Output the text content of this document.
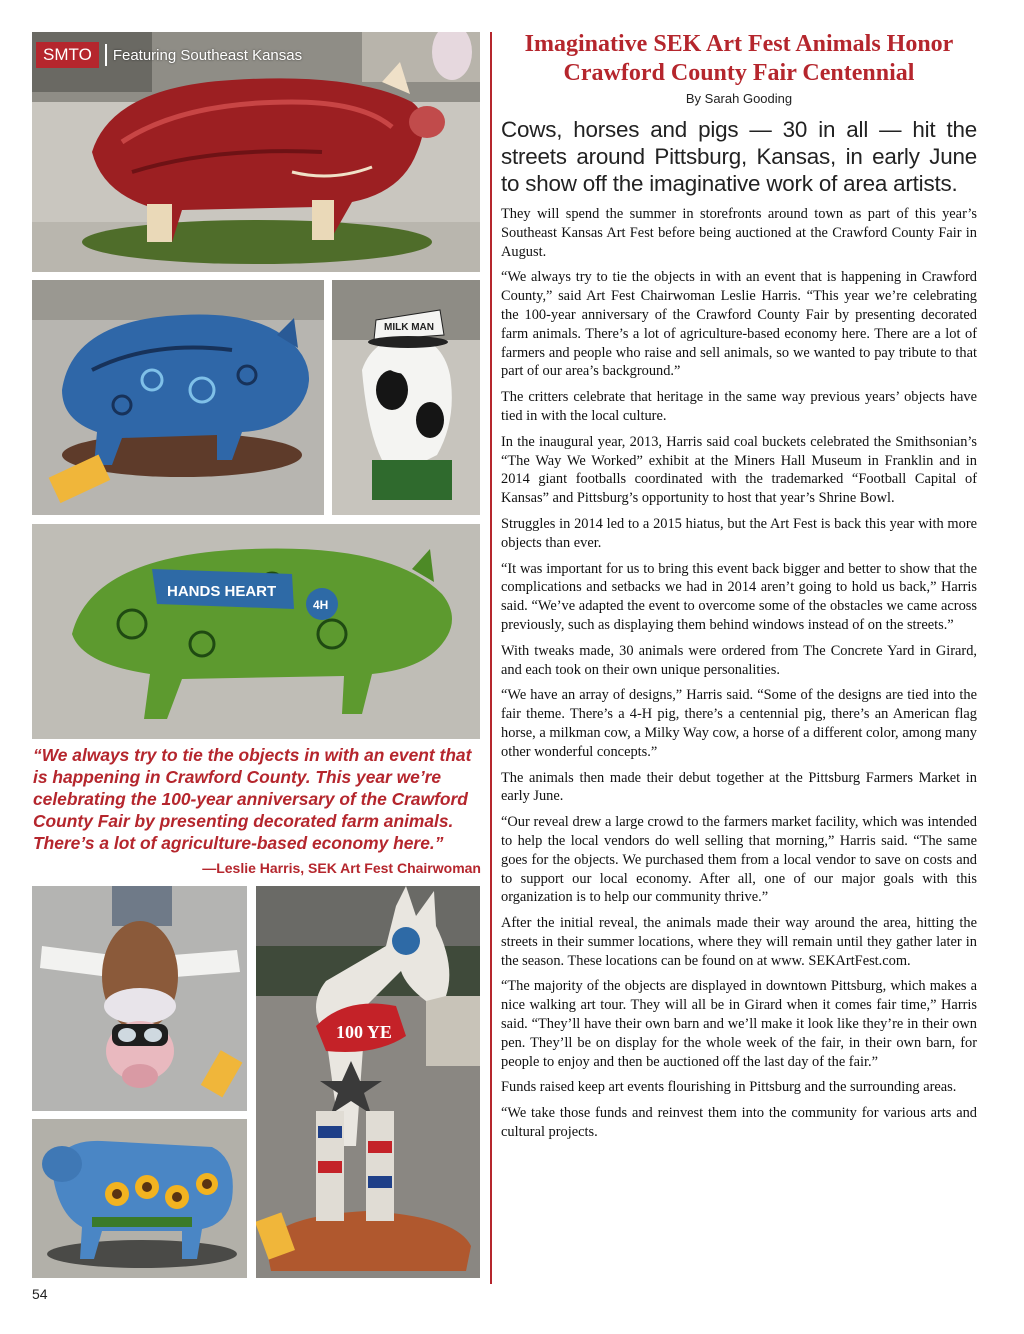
SMTO	Featuring Southeast Kansas
MILK MAN
HANDS HEART
4H

“We always try to tie the objects in with an event that is happening in Crawford County. This year we’re celebrating the 100-year anniversary of the Crawford County Fair by presenting decorated farm animals. There’s a lot of agriculture-based economy here.”

—Leslie Harris, SEK Art Fest Chairwoman
100 YE
Imaginative SEK Art Fest Animals Honor Crawford County Fair Centennial
By Sarah Gooding

Cows, horses and pigs — 30 in all — hit the streets around Pittsburg, Kansas, in early June to show off the imaginative work of area artists.

They will spend the summer in storefronts around town as part of this year’s Southeast Kansas Art Fest before being auctioned at the Crawford County Fair in August.

“We always try to tie the objects in with an event that is happening in Crawford County,” said Art Fest Chairwoman Leslie Harris. “This year we’re celebrating the 100-year anniversary of the Crawford County Fair by presenting decorated farm animals. There’s a lot of agriculture-based economy here. There are a lot of farmers and people who raise and sell animals, so we wanted to pay tribute to that part of our area’s background.”

The critters celebrate that heritage in the same way previous years’ objects have tied in with the local culture.

In the inaugural year, 2013, Harris said coal buckets celebrated the Smithsonian’s “The Way We Worked” exhibit at the Miners Hall Museum in Franklin and in 2014 giant footballs coordinated with the trademarked “Football Capital of Kansas” and Pittsburg’s opportunity to host that year’s Shrine Bowl.

Struggles in 2014 led to a 2015 hiatus, but the Art Fest is back this year with more objects than ever.

“It was important for us to bring this event back bigger and better to show that the complications and setbacks we had in 2014 aren’t going to hold us back,” Harris said. “We’ve adapted the event to overcome some of the obstacles we came across previously, such as displaying them behind windows instead of on the streets.”

With tweaks made, 30 animals were ordered from The Concrete Yard in Girard, and each took on their own unique personalities.

“We have an array of designs,” Harris said. “Some of the designs are tied into the fair theme. There’s a 4-H pig, there’s a centennial pig, there’s an American flag horse, a milkman cow, a Milky Way cow, a horse of a different color, among many other wonderful concepts.”

The animals then made their debut together at the Pittsburg Farmers Market in early June.

“Our reveal drew a large crowd to the farmers market facility, which was intended to help the local vendors do well selling that morning,” Harris said. “The same goes for the objects. We purchased them from a local vendor to save on costs and to support our local economy. After all, one of our major goals with this organization is to help our community thrive.”

After the initial reveal, the animals made their way around the area, hitting the streets in their summer locations, where they will remain until they gather later in the season. These locations can be found on at www. SEKArtFest.com.

“The majority of the objects are displayed in downtown Pittsburg, which makes a nice walking art tour. They will all be in Girard when it comes fair time,” Harris said. “They’ll have their own barn and we’ll make it look like they’re in their own pen. They’ll be on display for the whole week of the fair, in their own barn, for people to enjoy and then be auctioned off the last day of the fair.”

Funds raised keep art events flourishing in Pittsburg and the surrounding areas.

“We take those funds and reinvest them into the community for various arts and cultural projects.

54
